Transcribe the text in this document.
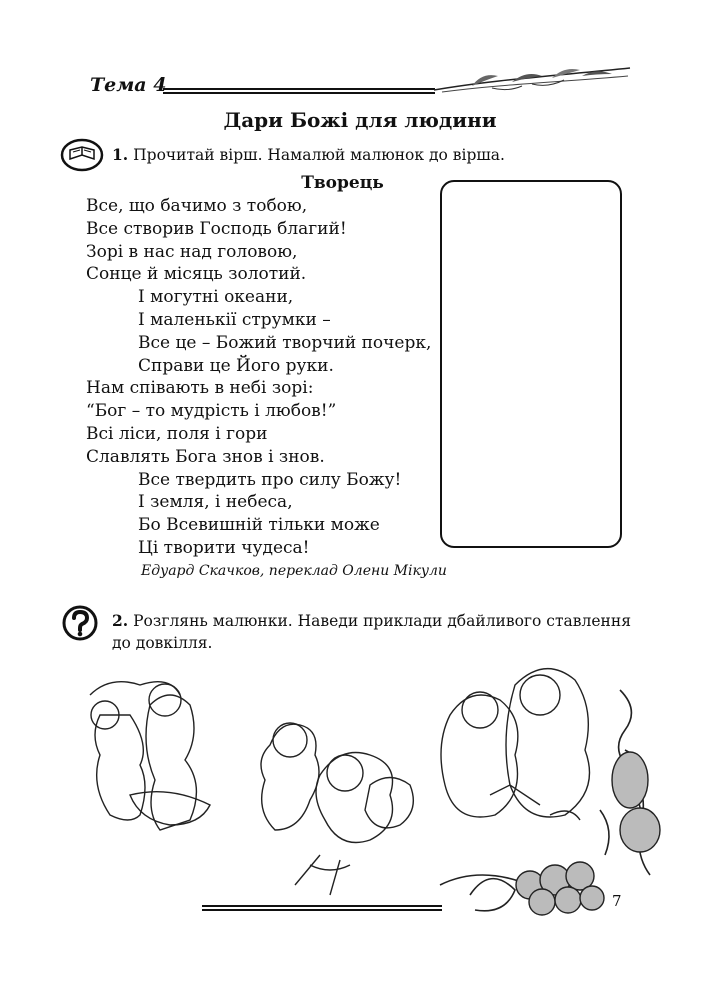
Тема 4
Дари Божі для людини
1. Прочитай вірш. Намалюй малюнок до вірша.
Творець
Все, що бачимо з тобою,
Все створив Господь благий!
Зорі в нас над головою,
Сонце й місяць золотий.
І могутні океани,
І маленькії струмки –
Все це – Божий творчий почерк,
Справи це Його руки.
Нам співають в небі зорі:
“Бог – то мудрість і любов!”
Всі ліси, поля і гори
Славлять Бога знов і знов.
Все твердить про силу Божу!
І земля, і небеса,
Бо Всевишній тільки може
Ці творити чудеса!
Едуард Скачков, переклад Олени Мікули
2. Розглянь малюнки. Наведи приклади дбайливого ставлення до довкілля.
7
